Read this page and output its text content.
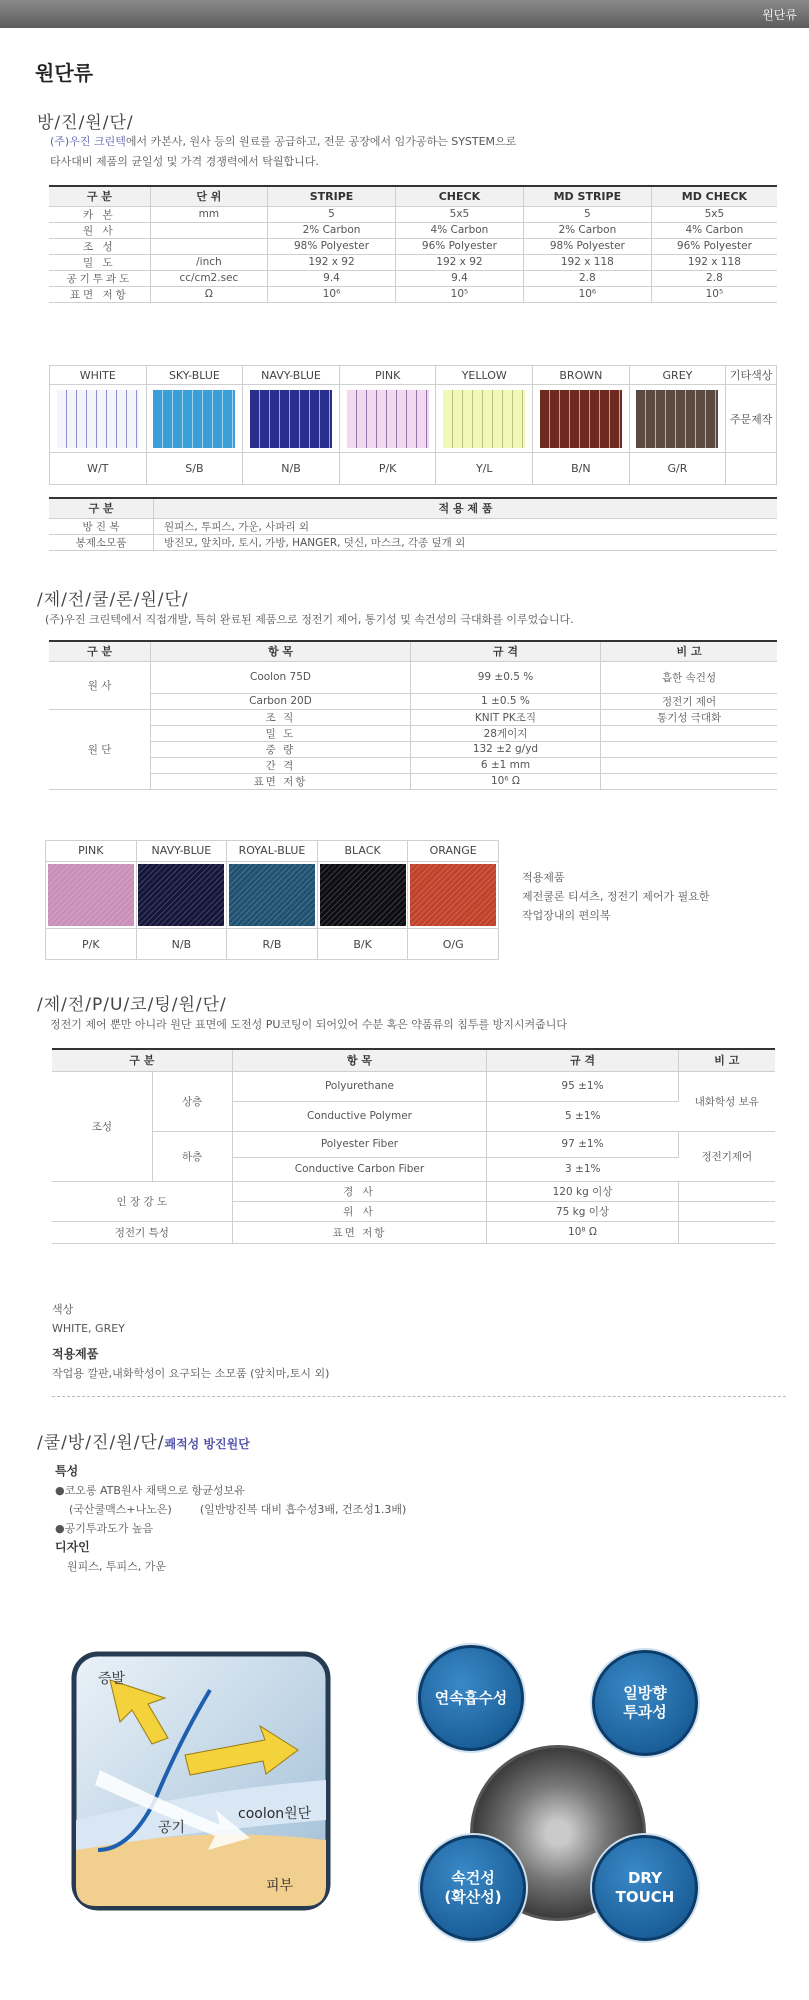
원단류
원단류
방/진/원/단/
(주)우진 크린텍에서 카본사, 원사 등의 원료를 공급하고, 전문 공장에서 임가공하는 SYSTEM으로
타사대비 제품의 균일성 및 가격 경쟁력에서 탁월합니다.
구 분	단 위	STRIPE	CHECK	MD STRIPE	MD CHECK
카 본	mm	5	5x5	5	5x5
원 사		2% Carbon	4% Carbon	2% Carbon	4% Carbon
조 성		98% Polyester	96% Polyester	98% Polyester	96% Polyester
밀 도	/inch	192 x 92	192 x 92	192 x 118	192 x 118
공기투과도	cc/cm2.sec	9.4	9.4	2.8	2.8
표면 저항	Ω	10⁶	10⁵	10⁶	10⁵
WHITE	SKY-BLUE	NAVY-BLUE	PINK	YELLOW	BROWN	GREY	기타색상

	주문제작
W/T	S/B	N/B	P/K	Y/L	B/N	G/R	
구 분	적 용 제 품
방 진 복	원피스, 투피스, 가운, 사파리 외
봉제소모품	방진모, 앞치마, 토시, 가방, HANGER, 덧신, 마스크, 각종 덮개 외
/제/전/쿨/론/원/단/
(주)우진 크린텍에서 직접개발, 특허 완료된 제품으로 정전기 제어, 통기성 및 속건성의 극대화를 이루었습니다.
구 분	항 목	규 격	비 고
원 사	Coolon 75D	99 ±0.5 %	흡한 속건성
	Carbon 20D	1 ±0.5 %	정전기 제어
원 단	조 직	KNIT PK조직	통기성 극대화
	밀 도	28게이지	
	중 량	132 ±2 g/yd	
	간 격	6 ±1 mm	
	표면 저항	10⁶ Ω	
PINK	NAVY-BLUE	ROYAL-BLUE	BLACK	ORANGE

P/K	N/B	R/B	B/K	O/G
적용제품
제전쿨론 티셔츠, 정전기 제어가 필요한
작업장내의 편의복
/제/전/P/U/코/팅/원/단/
정전기 제어 뿐만 아니라 원단 표면에 도전성 PU코팅이 되어있어 수분 혹은 약품류의 침투를 방지시켜줍니다
구 분		항 목	규 격	비 고
조성	상층	Polyurethane	95 ±1%	내화학성 보유
		Conductive Polymer	5 ±1%	
	하층	Polyester Fiber	97 ±1%	정전기제어
		Conductive Carbon Fiber	3 ±1%	
인 장 강 도		경 사	120 kg 이상	
		위 사	75 kg 이상	
정전기 특성		표면 저항	10⁸ Ω	
색상
WHITE, GREY
적용제품
작업용 깔판,내화학성이 요구되는 소모품 (앞치마,토시 외)
/쿨/방/진/원/단/쾌적성 방진원단
특성
●코오롱 ATB원사 채택으로 항균성보유
(국산쿨맥스+나노은)	(일반방진복 대비 흡수성3배, 건조성1.3배)
●공기투과도가 높음
디자인
원피스, 투피스, 가운
증발
공기
coolon원단
피부
연속흡수성	일방향
투과성
속건성
(확산성)
DRY
TOUCH
